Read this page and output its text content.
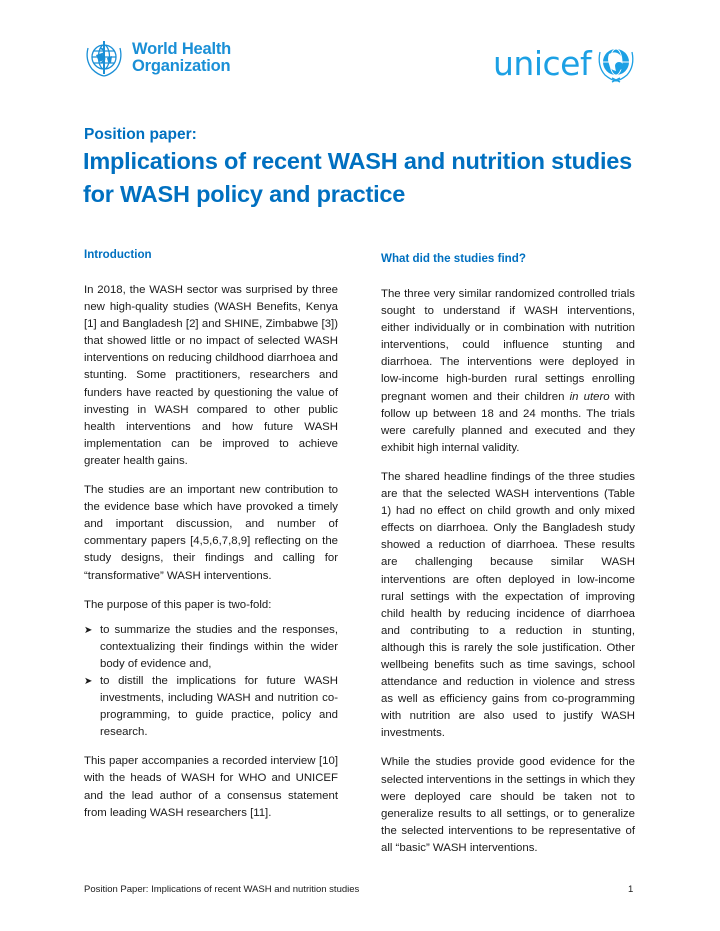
World Health
Organization	unicef
Position paper:
Implications of recent WASH and nutrition studies for WASH policy and practice
Introduction

In 2018, the WASH sector was surprised by three new high-quality studies (WASH Benefits, Kenya [1] and Bangladesh [2] and SHINE, Zimbabwe [3]) that showed little or no impact of selected WASH interventions on reducing childhood diarrhoea and stunting. Some practitioners, researchers and funders have reacted by questioning the value of investing in WASH compared to other public health interventions and how future WASH implementation can be improved to achieve greater health gains.

The studies are an important new contribution to the evidence base which have provoked a timely and important discussion, and number of commentary papers [4,5,6,7,8,9] reflecting on the study designs, their findings and calling for “transformative” WASH interventions.

The purpose of this paper is two-fold:

➤ to summarize the studies and the responses, contextualizing their findings within the wider body of evidence and,
➤ to distill the implications for future WASH investments, including WASH and nutrition co-programming, to guide practice, policy and research.

This paper accompanies a recorded interview [10] with the heads of WASH for WHO and UNICEF and the lead author of a consensus statement from leading WASH researchers [11].

What did the studies find?

The three very similar randomized controlled trials sought to understand if WASH interventions, either individually or in combination with nutrition interventions, could influence stunting and diarrhoea. The interventions were deployed in low-income high-burden rural settings enrolling pregnant women and their children in utero with follow up between 18 and 24 months. The trials were carefully planned and executed and they exhibit high internal validity.

The shared headline findings of the three studies are that the selected WASH interventions (Table 1) had no effect on child growth and only mixed effects on diarrhoea. Only the Bangladesh study showed a reduction of diarrhoea. These results are challenging because similar WASH interventions are often deployed in low-income rural settings with the expectation of improving child health by reducing incidence of diarrhoea and contributing to a reduction in stunting, although this is rarely the sole justification. Other wellbeing benefits such as time savings, school attendance and reduction in violence and stress as well as efficiency gains from co-programming with nutrition are also used to justify WASH investments.

While the studies provide good evidence for the selected interventions in the settings in which they were deployed care should be taken not to generalize results to all settings, or to generalize the selected interventions to be representative of all “basic” WASH interventions.

Position Paper: Implications of recent WASH and nutrition studies	1
